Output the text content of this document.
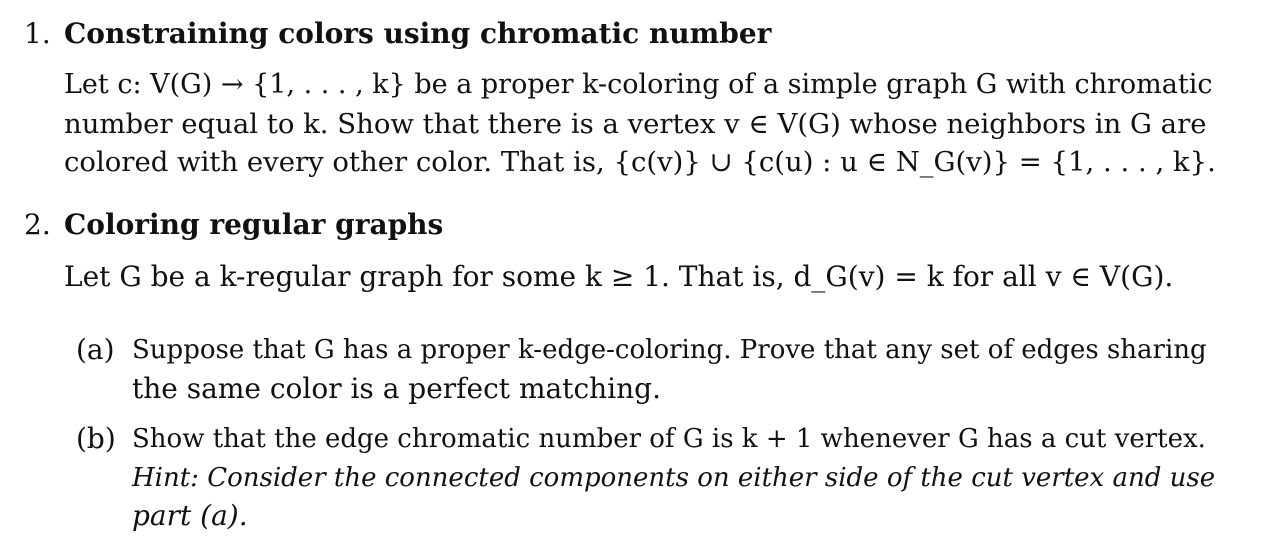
1. Constraining colors using chromatic number
Let c: V(G) → {1, . . . , k} be a proper k-coloring of a simple graph G with chromatic
number equal to k. Show that there is a vertex v ∈ V(G) whose neighbors in G are
colored with every other color. That is, {c(v)} ∪ {c(u) : u ∈ N_G(v)} = {1, . . . , k}.
2. Coloring regular graphs
Let G be a k-regular graph for some k ≥ 1. That is, d_G(v) = k for all v ∈ V(G).
(a) Suppose that G has a proper k-edge-coloring. Prove that any set of edges sharing
the same color is a perfect matching.
(b) Show that the edge chromatic number of G is k + 1 whenever G has a cut vertex.
Hint: Consider the connected components on either side of the cut vertex and use
part (a).
